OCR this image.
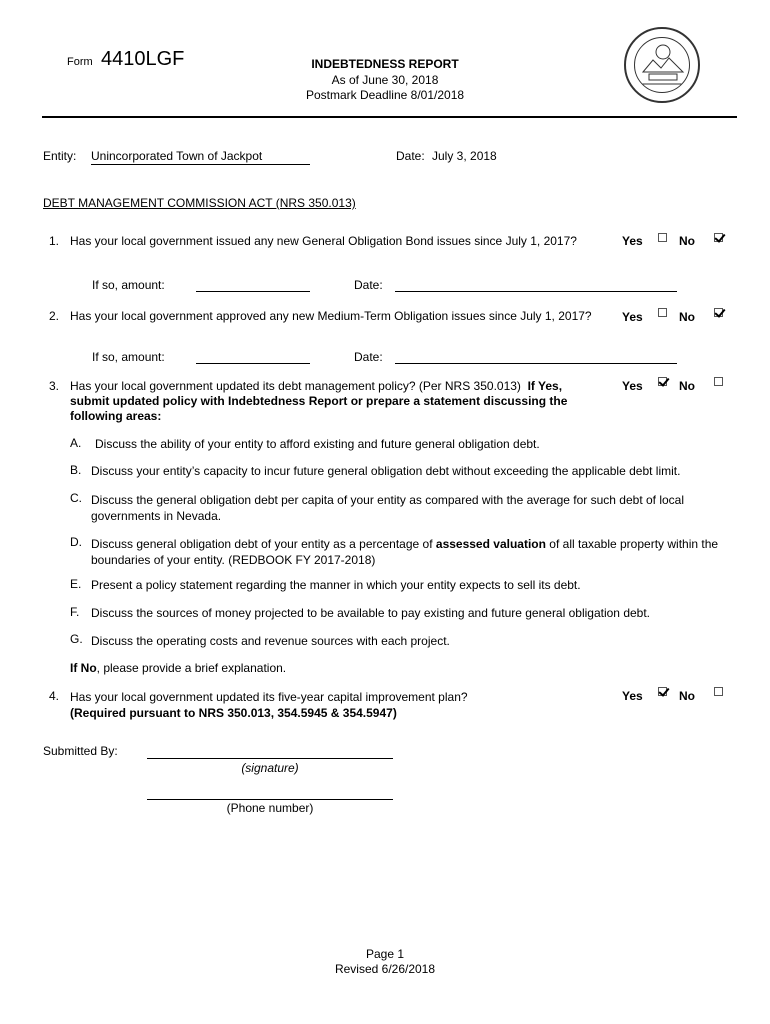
Form 4410LGF	INDEBTEDNESS REPORT
As of June 30, 2018
Postmark Deadline 8/01/2018
Entity: Unincorporated Town of Jackpot	Date: July 3, 2018
DEBT MANAGEMENT COMMISSION ACT (NRS 350.013)
1. Has your local government issued any new General Obligation Bond issues since July 1, 2017?	Yes	No
If so, amount:	Date:
2. Has your local government approved any new Medium-Term Obligation issues since July 1, 2017?	Yes	No
If so, amount:	Date:
3. Has your local government updated its debt management policy? (Per NRS 350.013) If Yes,
submit updated policy with Indebtedness Report or prepare a statement discussing the
following areas:
Yes	No
A. Discuss the ability of your entity to afford existing and future general obligation debt.
B. Discuss your entity’s capacity to incur future general obligation debt without exceeding the applicable debt limit.
C. Discuss the general obligation debt per capita of your entity as compared with the average for such debt of local
governments in Nevada.
D. Discuss general obligation debt of your entity as a percentage of assessed valuation of all taxable property within the
boundaries of your entity. (REDBOOK FY 2017-2018)
E. Present a policy statement regarding the manner in which your entity expects to sell its debt.
F. Discuss the sources of money projected to be available to pay existing and future general obligation debt.
G. Discuss the operating costs and revenue sources with each project.
If No, please provide a brief explanation.
4. Has your local government updated its five-year capital improvement plan?
(Required pursuant to NRS 350.013, 354.5945 & 354.5947)
Yes	No
Submitted By:
(signature)
(Phone number)
Page 1
Revised 6/26/2018
